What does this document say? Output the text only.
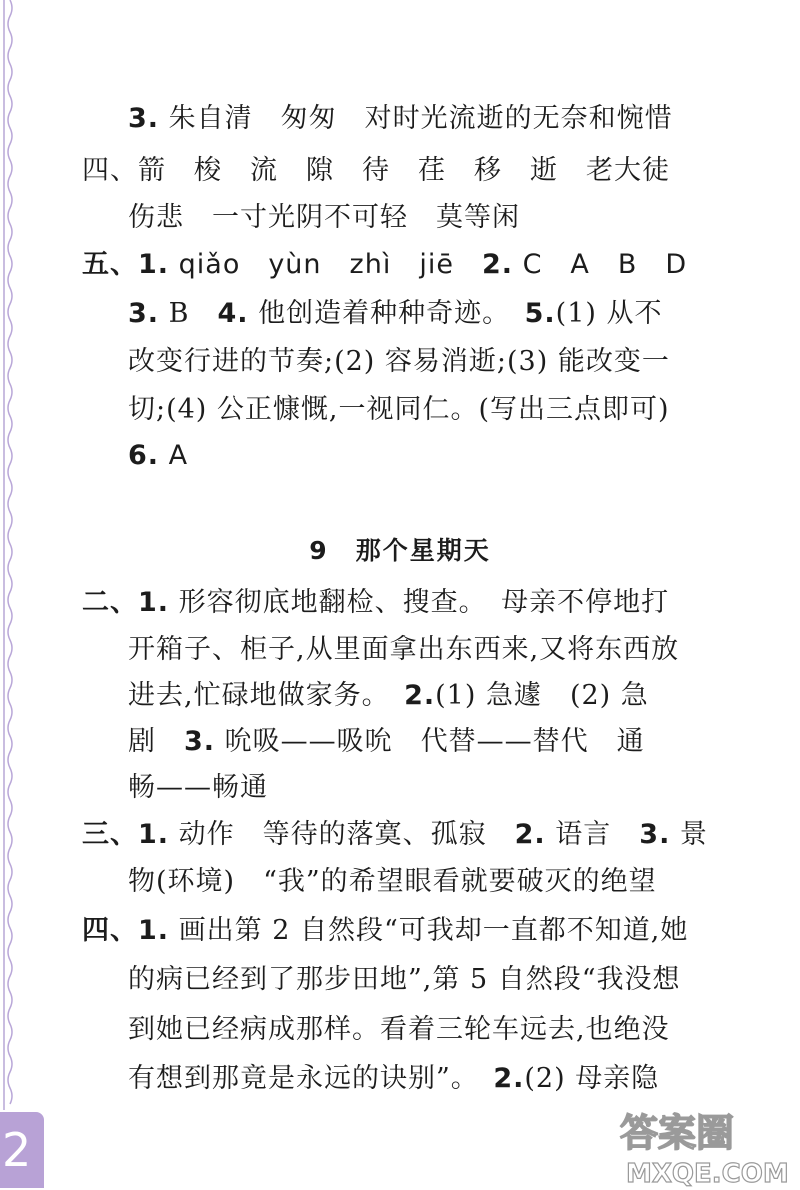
3. 朱自清　匆匆　对时光流逝的无奈和惋惜
四、箭　梭　流　隙　待　荏　移　逝　老大徒
伤悲　一寸光阴不可轻　莫等闲
五、1. qiǎo　yùn　zhì　jiē　2. C　A　B　D
3. B　4. 他创造着种种奇迹。　5.(1) 从不
改变行进的节奏;(2) 容易消逝;(3) 能改变一
切;(4) 公正慷慨,一视同仁。(写出三点即可)
6. A
9　那个星期天
二、1. 形容彻底地翻检、搜查。　母亲不停地打
开箱子、柜子,从里面拿出东西来,又将东西放
进去,忙碌地做家务。　2.(1) 急遽　(2) 急
剧　3. 吮吸——吸吮　代替——替代　通
畅——畅通
三、1. 动作　等待的落寞、孤寂　2. 语言　3. 景
物(环境)　“我”的希望眼看就要破灭的绝望
四、1. 画出第 2 自然段“可我却一直都不知道,她
的病已经到了那步田地”,第 5 自然段“我没想
到她已经病成那样。看着三轮车远去,也绝没
有想到那竟是永远的诀别”。　2.(2) 母亲隐
2	答案圈
MXQE.COM
